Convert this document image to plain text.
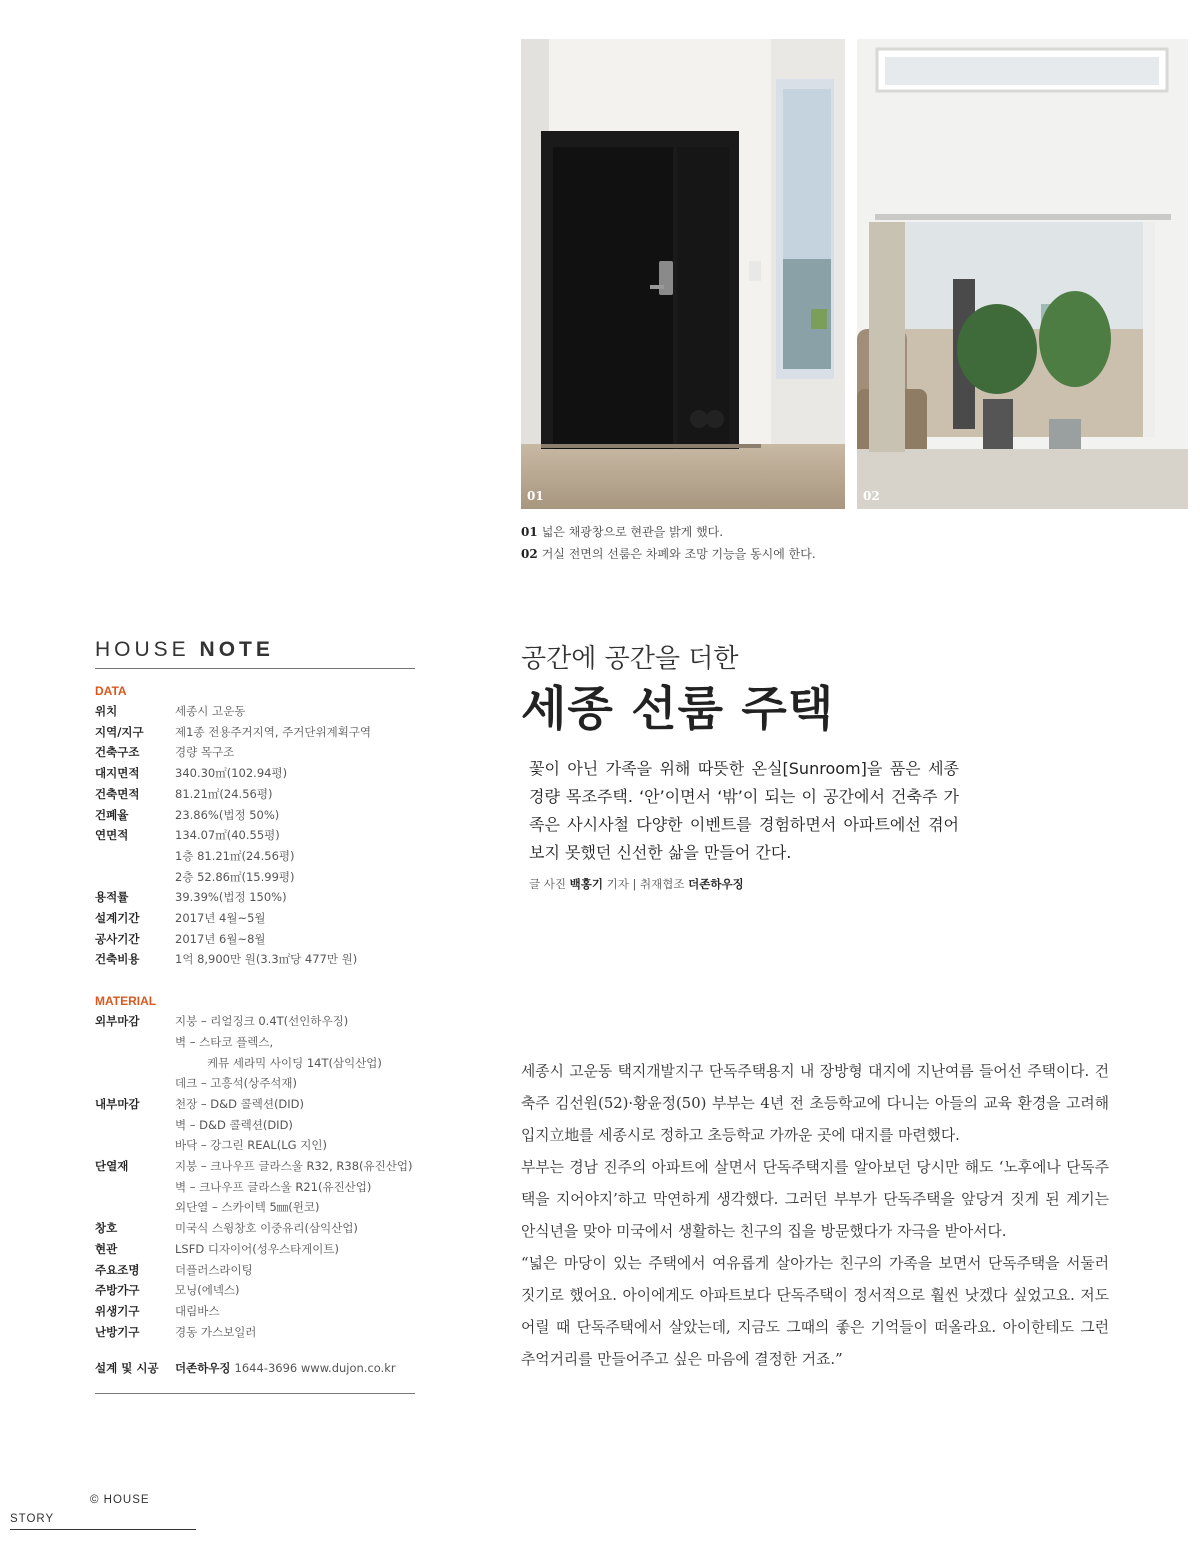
01	02
01 넓은 채광창으로 현관을 밝게 했다.
02 거실 전면의 선룸은 차폐와 조망 기능을 동시에 한다.
HOUSE NOTE
DATA
위치	세종시 고운동
지역/지구	제1종 전용주거지역, 주거단위계획구역
건축구조	경량 목구조
대지면적	340.30㎡(102.94평)
건축면적	81.21㎡(24.56평)
건폐율	23.86%(법정 50%)
연면적	134.07㎡(40.55평)
1층 81.21㎡(24.56평)
2층 52.86㎡(15.99평)
용적률	39.39%(법정 150%)
설계기간	2017년 4월~5월
공사기간	2017년 6월~8월
건축비용	1억 8,900만 원(3.3㎡당 477만 원)
MATERIAL
외부마감	지붕 – 리얼징크 0.4T(선인하우징)
벽 – 스타코 플렉스,
케뮤 세라믹 사이딩 14T(삼익산업)
데크 – 고흥석(상주석재)
내부마감	천장 – D&D 콜렉션(DID)
벽 – D&D 콜렉션(DID)
바닥 – 강그린 REAL(LG 지인)
단열재	지붕 – 크나우프 글라스울 R32, R38(유진산업)
벽 – 크나우프 글라스울 R21(유진산업)
외단열 – 스카이텍 5㎜(윈코)
창호	미국식 스윙창호 이중유리(삼익산업)
현관	LSFD 디자이어(성우스타게이트)
주요조명	더플러스라이팅
주방가구	모닝(에넥스)
위생기구	대림바스
난방기구	경동 가스보일러
설계 및 시공	더존하우징 1644-3696 www.dujon.co.kr
공간에 공간을 더한
세종 선룸 주택
꽃이 아닌 가족을 위해 따뜻한 온실[Sunroom]을 품은 세종 경량 목조주택. ‘안’이면서 ‘밖’이 되는 이 공간에서 건축주 가족은 사시사철 다양한 이벤트를 경험하면서 아파트에선 겪어보지 못했던 신선한 삶을 만들어 간다.
글 사진 백홍기 기자 | 취재협조 더존하우징

세종시 고운동 택지개발지구 단독주택용지 내 장방형 대지에 지난여름 들어선 주택이다. 건축주 김선원(52)·황윤정(50) 부부는 4년 전 초등학교에 다니는 아들의 교육 환경을 고려해 입지立地를 세종시로 정하고 초등학교 가까운 곳에 대지를 마련했다.

부부는 경남 진주의 아파트에 살면서 단독주택지를 알아보던 당시만 해도 ‘노후에나 단독주택을 지어야지’하고 막연하게 생각했다. 그러던 부부가 단독주택을 앞당겨 짓게 된 계기는 안식년을 맞아 미국에서 생활하는 친구의 집을 방문했다가 자극을 받아서다.

“넓은 마당이 있는 주택에서 여유롭게 살아가는 친구의 가족을 보면서 단독주택을 서둘러 짓기로 했어요. 아이에게도 아파트보다 단독주택이 정서적으로 훨씬 낫겠다 싶었고요. 저도 어릴 때 단독주택에서 살았는데, 지금도 그때의 좋은 기억들이 떠올라요. 아이한테도 그런 추억거리를 만들어주고 싶은 마음에 결정한 거죠.”

© HOUSE STORY
